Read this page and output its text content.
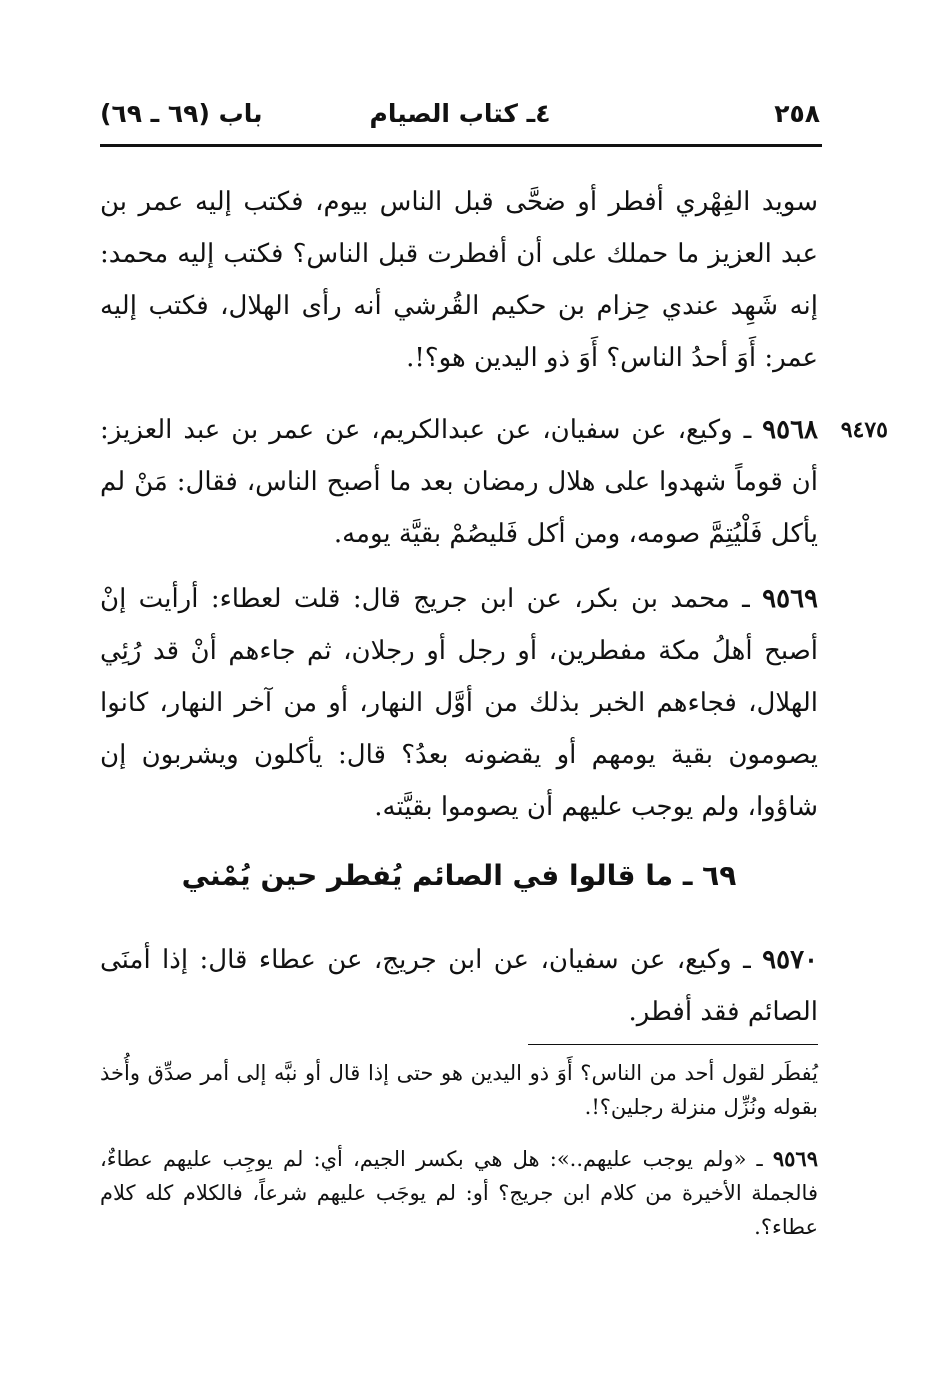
٢٥٨
٤ـ كتاب الصيام
باب (٦٩ ـ ٦٩)

سويد الفِهْري أفطر أو ضحَّى قبل الناس بيوم، فكتب إليه عمر بن عبد العزيز ما حملك على أن أفطرت قبل الناس؟ فكتب إليه محمد: إنه شَهِد عندي حِزام بن حكيم القُرشي أنه رأى الهلال، فكتب إليه عمر: أَوَ أحدُ الناس؟ أَوَ ذو اليدين هو؟!.

٩٤٧٥

٩٥٦٨ ـ وكيع، عن سفيان، عن عبدالكريم، عن عمر بن عبد العزيز: أن قوماً شهدوا على هلال رمضان بعد ما أصبح الناس، فقال: مَنْ لم يأكل فَلْيُتِمَّ صومه، ومن أكل فَليصُمْ بقيَّة يومه.

٩٥٦٩ ـ محمد بن بكر، عن ابن جريج قال: قلت لعطاء: أرأيت إنْ أصبح أهلُ مكة مفطرين، أو رجل أو رجلان، ثم جاءهم أنْ قد رُئِي الهلال، فجاءهم الخبر بذلك من أوَّل النهار، أو من آخر النهار، كانوا يصومون بقية يومهم أو يقضونه بعدُ؟ قال: يأكلون ويشربون إن شاؤوا، ولم يوجب عليهم أن يصوموا بقيَّته.

٦٩ ـ ما قالوا في الصائم يُفطر حين يُمْني

٩٥٧٠ ـ وكيع، عن سفيان، عن ابن جريج، عن عطاء قال: إذا أمنَى الصائم فقد أفطر.

يُفطَر لقول أحد من الناس؟ أَوَ ذو اليدين هو حتى إذا قال أو نبَّه إلى أمر صدِّق وأُخذ بقوله ونُزِّل منزلة رجلين؟!.

٩٥٦٩ ـ «ولم يوجب عليهم..»: هل هي بكسر الجيم، أي: لم يوجِب عليهم عطاءٌ، فالجملة الأخيرة من كلام ابن جريج؟ أو: لم يوجَب عليهم شرعاً، فالكلام كله كلام عطاء؟.
